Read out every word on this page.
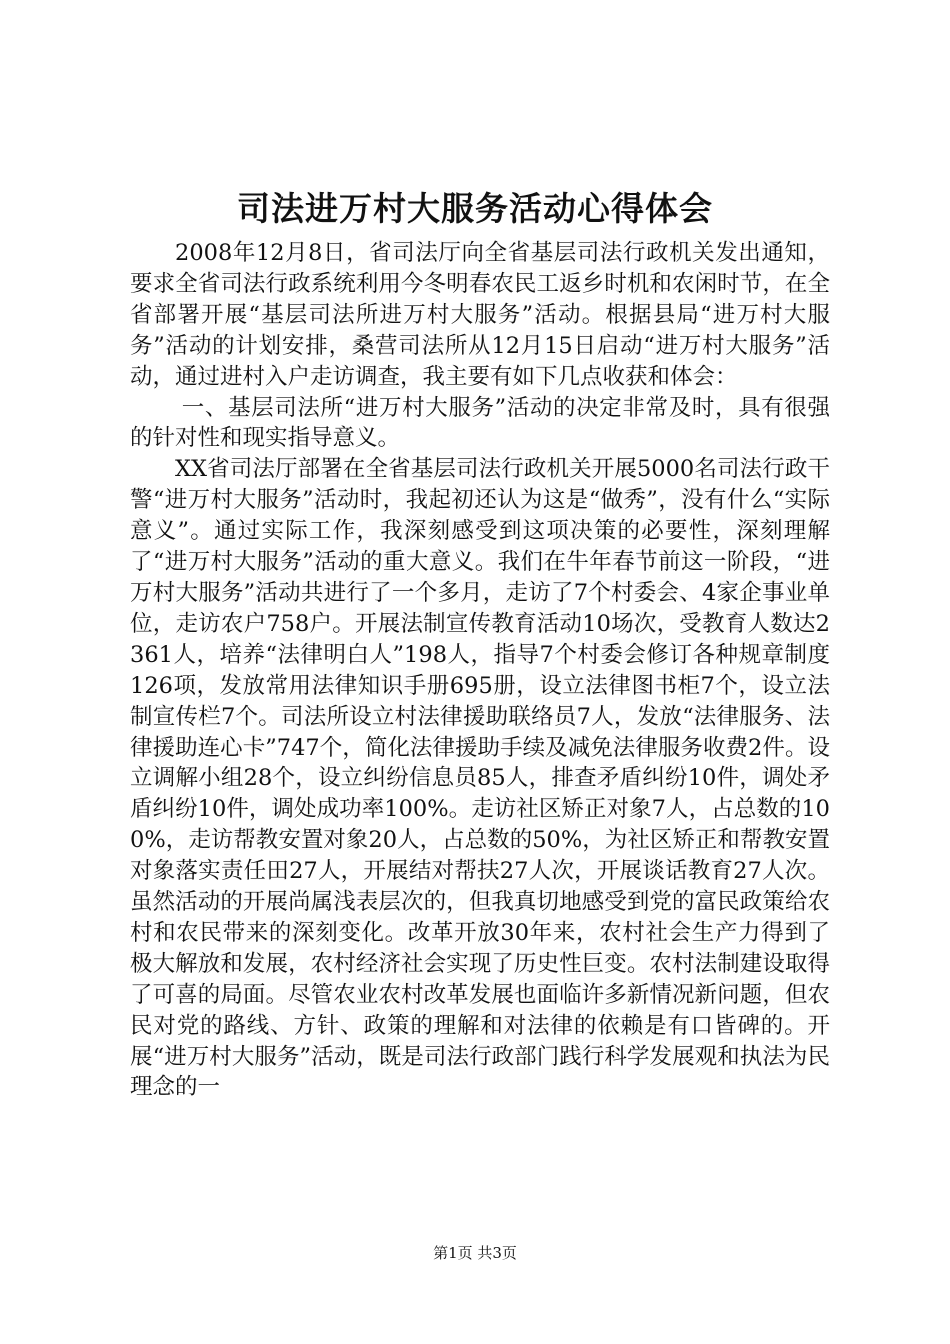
司法进万村大服务活动心得体会

2008年12月8日，省司法厅向全省基层司法行政机关发出通知，要求全省司法行政系统利用今冬明春农民工返乡时机和农闲时节，在全省部署开展“基层司法所进万村大服务”活动。根据县局“进万村大服务”活动的计划安排，桑营司法所从12月15日启动“进万村大服务”活动，通过进村入户走访调查，我主要有如下几点收获和体会：

一、基层司法所“进万村大服务”活动的决定非常及时，具有很强的针对性和现实指导意义。

XX省司法厅部署在全省基层司法行政机关开展5000名司法行政干警“进万村大服务”活动时，我起初还认为这是“做秀”，没有什么“实际意义”。通过实际工作，我深刻感受到这项决策的必要性，深刻理解了“进万村大服务”活动的重大意义。我们在牛年春节前这一阶段，“进万村大服务”活动共进行了一个多月，走访了7个村委会、4家企事业单位，走访农户758户。开展法制宣传教育活动10场次，受教育人数达2361人，培养“法律明白人”198人，指导7个村委会修订各种规章制度126项，发放常用法律知识手册695册，设立法律图书柜7个，设立法制宣传栏7个。司法所设立村法律援助联络员7人，发放“法律服务、法律援助连心卡”747个，简化法律援助手续及减免法律服务收费2件。设立调解小组28个，设立纠纷信息员85人，排查矛盾纠纷10件，调处矛盾纠纷10件，调处成功率100%。走访社区矫正对象7人，占总数的100%，走访帮教安置对象20人，占总数的50%，为社区矫正和帮教安置对象落实责任田27人，开展结对帮扶27人次，开展谈话教育27人次。虽然活动的开展尚属浅表层次的，但我真切地感受到党的富民政策给农村和农民带来的深刻变化。改革开放30年来，农村社会生产力得到了极大解放和发展，农村经济社会实现了历史性巨变。农村法制建设取得了可喜的局面。尽管农业农村改革发展也面临许多新情况新问题，但农民对党的路线、方针、政策的理解和对法律的依赖是有口皆碑的。开展“进万村大服务”活动，既是司法行政部门践行科学发展观和执法为民理念的一

第1页 共3页
